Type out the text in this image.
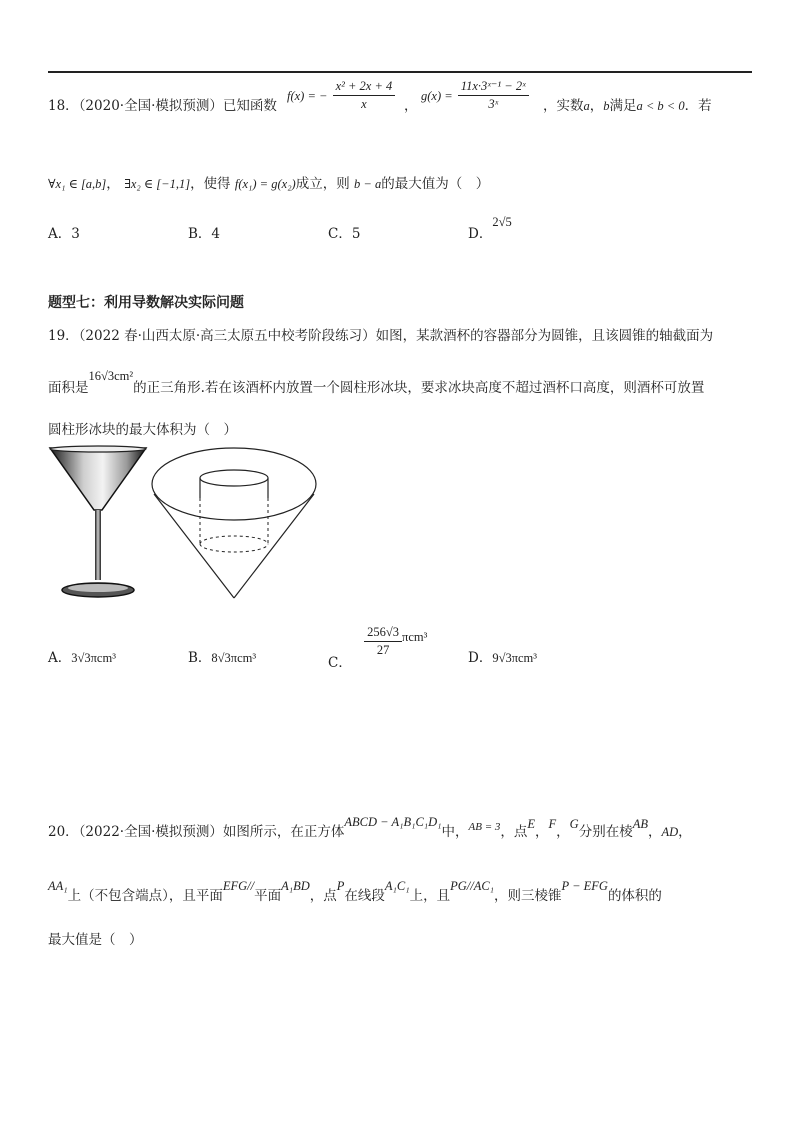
18．（2020·全国·模拟预测）已知函数
f(x) = − $\frac{\text{x² + 2x + 4}}{x}$ ，
$g(x) = \frac{\text{11x·3ˣ⁻¹ − 2ˣ}}{\text{3ˣ}}$ ，实数a，b满足a < b < 0．若
∀x₁ ∈ [a,b]， ∃x₂ ∈ [−1,1]，使得 f(x₁) = g(x₂)成立，则 b − a的最大值为（　）
A．3	B．4	C．5	D．2√5
题型七：利用导数解决实际问题
19．（2022 春·山西太原·高三太原五中校考阶段练习）如图，某款酒杯的容器部分为圆锥，且该圆锥的轴截面为
面积是16√3cm²的正三角形.若在该酒杯内放置一个圆柱形冰块，要求冰块高度不超过酒杯口高度，则酒杯可放置
圆柱形冰块的最大体积为（　）
A．3√3πcm³	B．8√3πcm³	C．
$\frac{256√3}{27} \pi cm^3$
D．9√3πcm³
20．（2022·全国·模拟预测）如图所示，在正方体ABCD − A₁B₁C₁D₁中，$^{AB = 3}$，点E，F，G分别在棱AB，AD，
AA₁上（不包含端点），且平面EFG//平面A₁BD，点P在线段A₁C₁上，且PG//AC₁，则三棱锥P − EFG的体积的
最大值是（　）
